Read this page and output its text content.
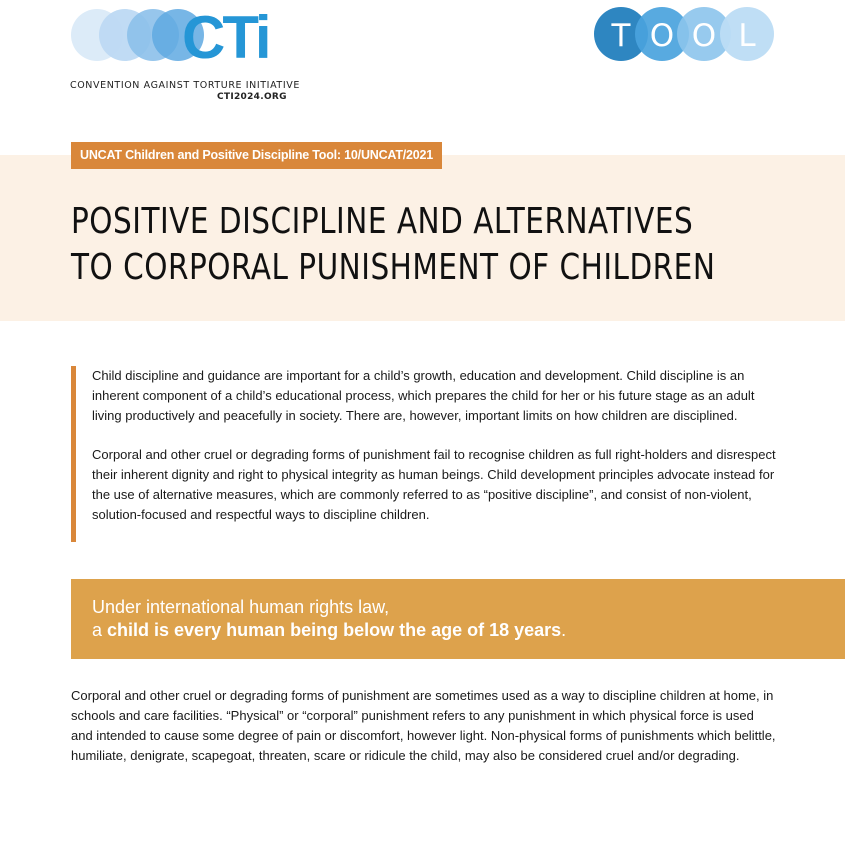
CTi
CONVENTION AGAINST TORTURE INITIATIVE
CTI2024.ORG
T O O L
UNCAT Children and Positive Discipline Tool: 10/UNCAT/2021
POSITIVE DISCIPLINE AND ALTERNATIVES
TO CORPORAL PUNISHMENT OF CHILDREN

Child discipline and guidance are important for a child’s growth, education and development. Child discipline is an inherent component of a child’s educational process, which prepares the child for her or his future stage as an adult living productively and peacefully in society. There are, however, important limits on how children are disciplined.

Corporal and other cruel or degrading forms of punishment fail to recognise children as full right-holders and disrespect their inherent dignity and right to physical integrity as human beings. Child development principles advocate instead for the use of alternative measures, which are commonly referred to as “positive discipline”, and consist of non-violent, solution-focused and respectful ways to discipline children.

Under international human rights law,
a child is every human being below the age of 18 years.

Corporal and other cruel or degrading forms of punishment are sometimes used as a way to discipline children at home, in schools and care facilities. “Physical” or “corporal” punishment refers to any punishment in which physical force is used and intended to cause some degree of pain or discomfort, however light. Non-physical forms of punishments which belittle, humiliate, denigrate, scapegoat, threaten, scare or ridicule the child, may also be considered cruel and/or degrading.
